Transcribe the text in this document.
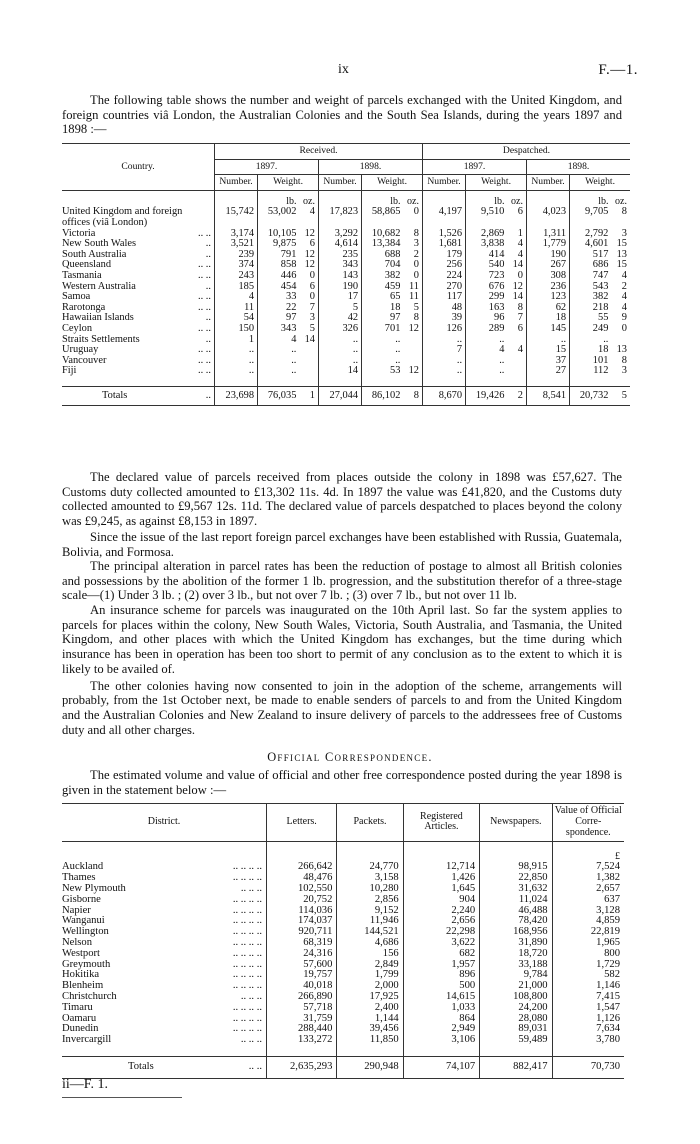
ix	F.—1.

The following table shows the number and weight of parcels exchanged with the United Kingdom, and foreign countries viâ London, the Australian Colonies and the South Sea Islands, during the years 1897 and 1898 :—

Country.	Received.				Despatched.			
	1897.		1898.		1897.		1898.	
	Number.	Weight.	Number.	Weight.	Number.	Weight.	Number.	Weight.
		lb. oz.		lb. oz.		lb. oz.		lb. oz.
United Kingdom and foreign offices (viâ London)	15,742	53,002 4	17,823	58,865 0	4,197	9,510 6	4,023	9,705 8
Victoria .. ..	3,174	10,105 12	3,292	10,682 8	1,526	2,869 1	1,311	2,792 3
New South Wales ..	3,521	9,875 6	4,614	13,384 3	1,681	3,838 4	1,779	4,601 15
South Australia ..	239	791 12	235	688 2	179	414 4	190	517 13
Queensland .. ..	374	858 12	343	704 0	256	540 14	267	686 15
Tasmania .. ..	243	446 0	143	382 0	224	723 0	308	747 4
Western Australia ..	185	454 6	190	459 11	270	676 12	236	543 2
Samoa .. ..	4	33 0	17	65 11	117	299 14	123	382 4
Rarotonga .. ..	11	22 7	5	18 5	48	163 8	62	218 4
Hawaiian Islands ..	54	97 3	42	97 8	39	96 7	18	55 9
Ceylon .. ..	150	343 5	326	701 12	126	289 6	145	249 0
Straits Settlements ..	1	4 14	..	..	..	..	..	..
Uruguay .. ..	..	..	..	..	7	4 4	15	18 13
Vancouver .. ..	..	..	..	..	..	..	37	101 8
Fiji .. ..	..	..	14	53 12	..	..	27	112 3
Totals ..	23,698	76,035 1	27,044	86,102 8	8,670	19,426 2	8,541	20,732 5

The declared value of parcels received from places outside the colony in 1898 was £57,627. The Customs duty collected amounted to £13,302 11s. 4d. In 1897 the value was £41,820, and the Customs duty collected amounted to £9,567 12s. 11d. The declared value of parcels despatched to places beyond the colony was £9,245, as against £8,153 in 1897.

Since the issue of the last report foreign parcel exchanges have been established with Russia, Guatemala, Bolivia, and Formosa.

The principal alteration in parcel rates has been the reduction of postage to almost all British colonies and possessions by the abolition of the former 1 lb. progression, and the substitution therefor of a three-stage scale—(1) Under 3 lb. ; (2) over 3 lb., but not over 7 lb. ; (3) over 7 lb., but not over 11 lb.

An insurance scheme for parcels was inaugurated on the 10th April last. So far the system applies to parcels for places within the colony, New South Wales, Victoria, South Australia, and Tasmania, the United Kingdom, and other places with which the United Kingdom has exchanges, but the time during which insurance has been in operation has been too short to permit of any conclusion as to the extent to which it is likely to be availed of.

Official Correspondence.

The estimated volume and value of official and other free correspondence posted during the year 1898 is given in the statement below :—

District.	Letters.	Packets.	Registered Articles.	Newspapers.	Value of Official Corre-spondence.
					£
Auckland .. .. .. ..	266,642	24,770	12,714	98,915	7,524
Thames .. .. .. ..	48,476	3,158	1,426	22,850	1,382
New Plymouth .. .. ..	102,550	10,280	1,645	31,632	2,657
Gisborne .. .. .. ..	20,752	2,856	904	11,024	637
Napier .. .. .. ..	114,036	9,152	2,240	46,488	3,128
Wanganui .. .. .. ..	174,037	11,946	2,656	78,420	4,859
Wellington .. .. .. ..	920,711	144,521	22,298	168,956	22,819
Nelson .. .. .. ..	68,319	4,686	3,622	31,890	1,965
Westport .. .. .. ..	24,316	156	682	18,720	800
Greymouth .. .. .. ..	57,600	2,849	1,957	33,188	1,729
Hokitika .. .. .. ..	19,757	1,799	896	9,784	582
Blenheim .. .. .. ..	40,018	2,000	500	21,000	1,146
Christchurch .. .. ..	266,890	17,925	14,615	108,800	7,415
Timaru .. .. .. ..	57,718	2,400	1,033	24,200	1,547
Oamaru .. .. .. ..	31,759	1,144	864	28,080	1,126
Dunedin .. .. .. ..	288,440	39,456	2,949	89,031	7,634
Invercargill .. .. ..	133,272	11,850	3,106	59,489	3,780
Totals .. ..	2,635,293	290,948	74,107	882,417	70,730
ii—F. 1.

The other colonies having now consented to join in the adoption of the scheme, arrangements will probably, from the 1st October next, be made to enable senders of parcels to and from the United Kingdom and the Australian Colonies and New Zealand to insure delivery of parcels to the addressees free of Customs duty and all other charges.
